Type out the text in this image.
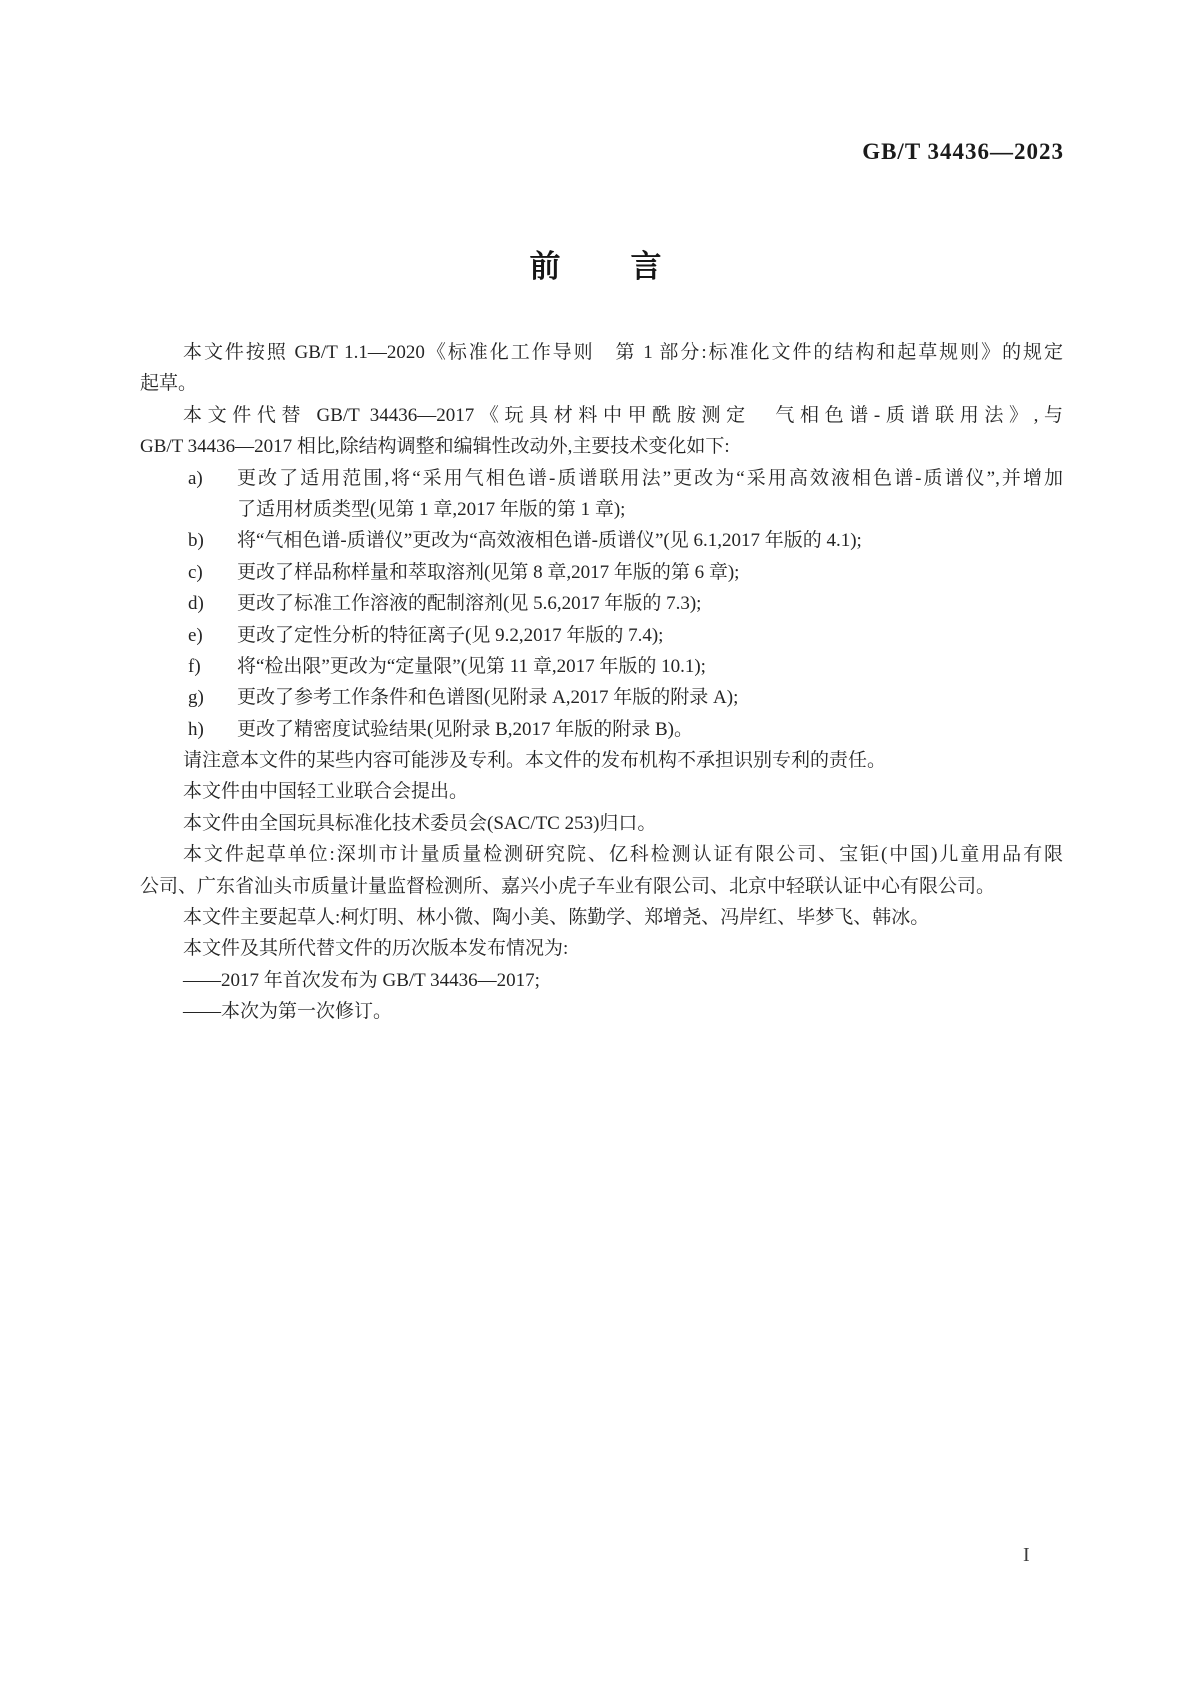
GB/T 34436—2023
前 言
本文件按照 GB/T 1.1—2020《标准化工作导则　第 1 部分:标准化文件的结构和起草规则》的规定
起草。
本文件代替 GB/T 34436—2017《玩具材料中甲酰胺测定　气相色谱-质谱联用法》,与
GB/T 34436—2017 相比,除结构调整和编辑性改动外,主要技术变化如下:
a) 更改了适用范围,将“采用气相色谱-质谱联用法”更改为“采用高效液相色谱-质谱仪”,并增加
了适用材质类型(见第 1 章,2017 年版的第 1 章);
b) 将“气相色谱-质谱仪”更改为“高效液相色谱-质谱仪”(见 6.1,2017 年版的 4.1);
c) 更改了样品称样量和萃取溶剂(见第 8 章,2017 年版的第 6 章);
d) 更改了标准工作溶液的配制溶剂(见 5.6,2017 年版的 7.3);
e) 更改了定性分析的特征离子(见 9.2,2017 年版的 7.4);
f) 将“检出限”更改为“定量限”(见第 11 章,2017 年版的 10.1);
g) 更改了参考工作条件和色谱图(见附录 A,2017 年版的附录 A);
h) 更改了精密度试验结果(见附录 B,2017 年版的附录 B)。
请注意本文件的某些内容可能涉及专利。本文件的发布机构不承担识别专利的责任。
本文件由中国轻工业联合会提出。
本文件由全国玩具标准化技术委员会(SAC/TC 253)归口。
本文件起草单位:深圳市计量质量检测研究院、亿科检测认证有限公司、宝钜(中国)儿童用品有限
公司、广东省汕头市质量计量监督检测所、嘉兴小虎子车业有限公司、北京中轻联认证中心有限公司。
本文件主要起草人:柯灯明、林小微、陶小美、陈勤学、郑增尧、冯岸红、毕梦飞、韩冰。
本文件及其所代替文件的历次版本发布情况为:
——2017 年首次发布为 GB/T 34436—2017;
——本次为第一次修订。
I
